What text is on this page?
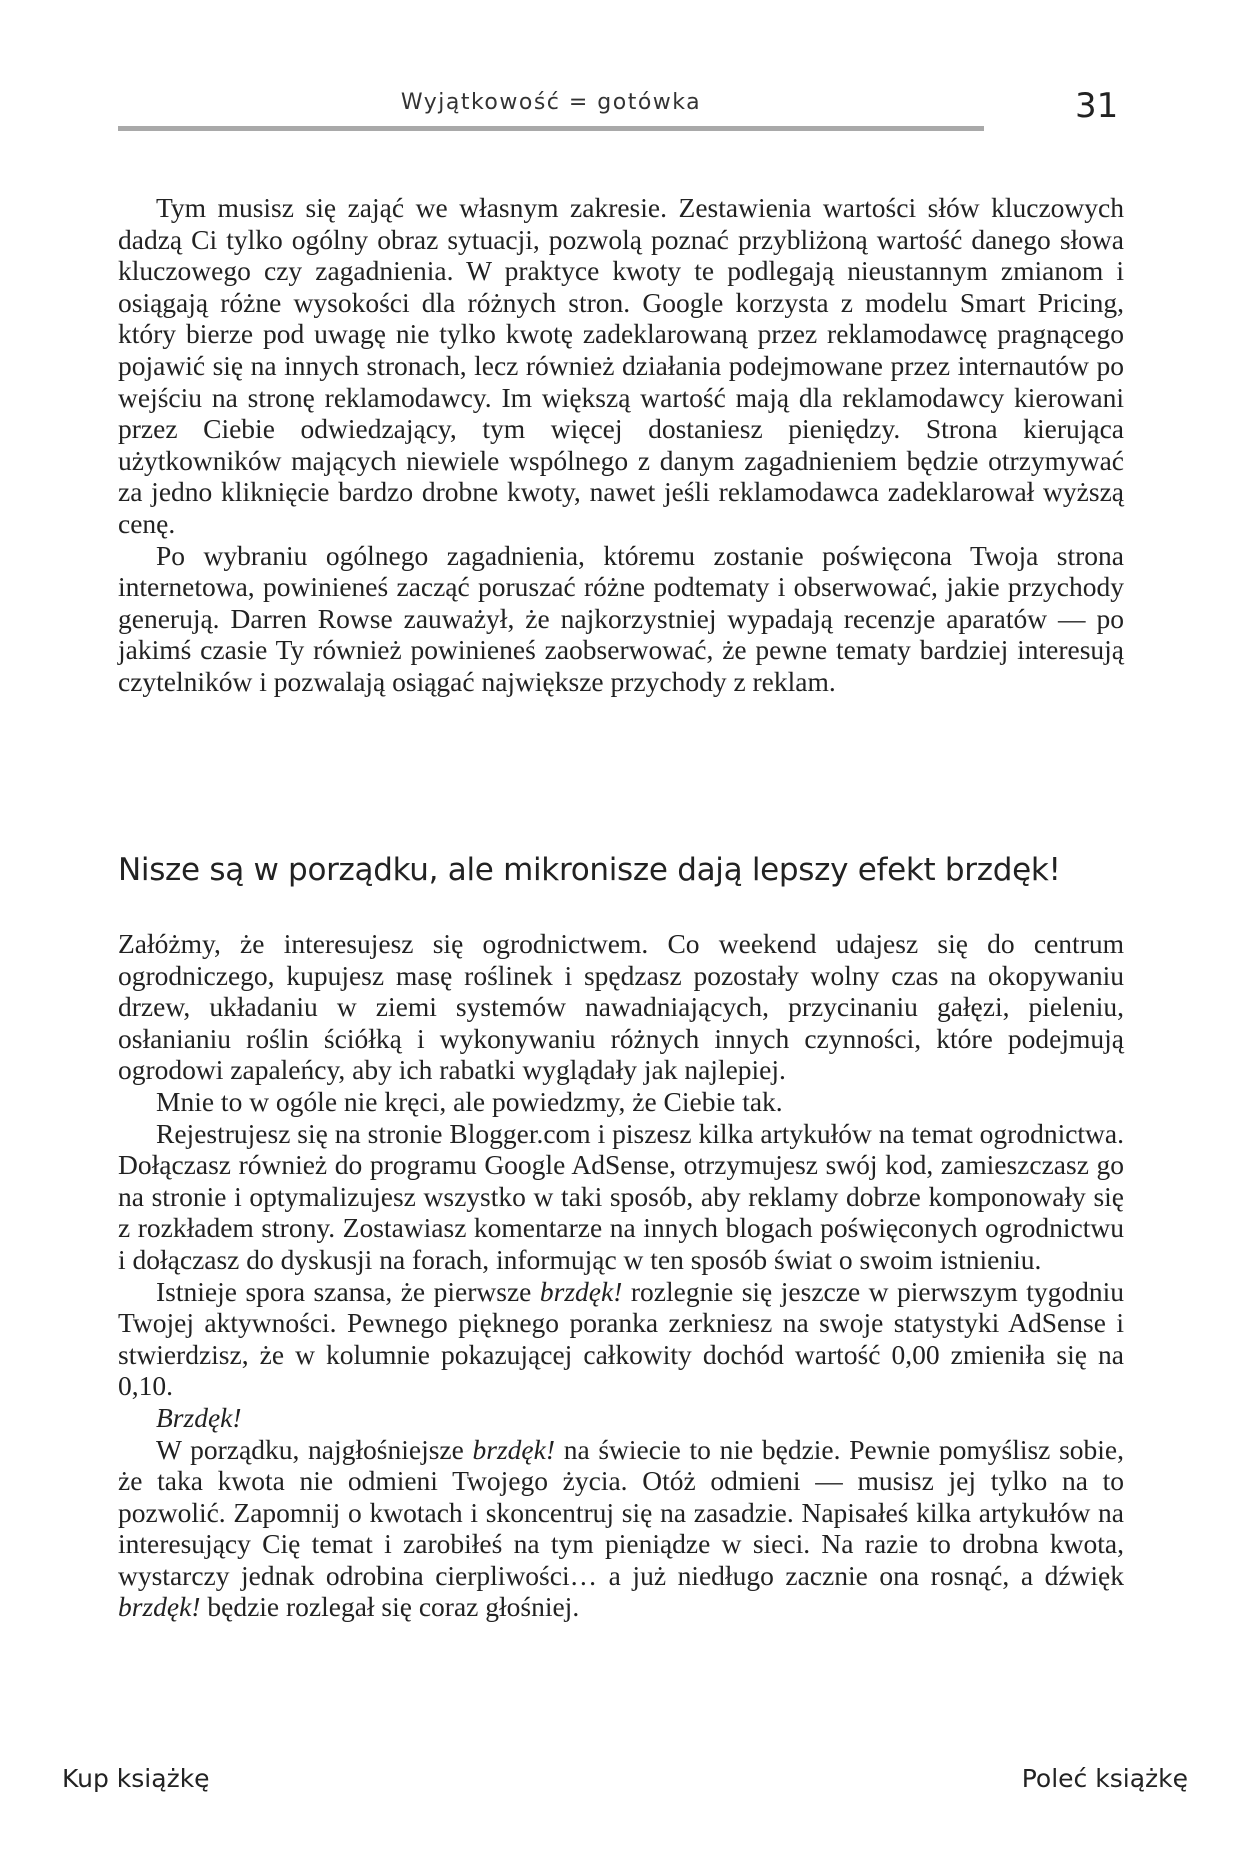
Wyjątkowość = gotówka	31

Tym musisz się zająć we własnym zakresie. Zestawienia wartości słów kluczowych dadzą Ci tylko ogólny obraz sytuacji, pozwolą poznać przybliżoną wartość danego słowa kluczowego czy zagadnienia. W praktyce kwoty te podlegają nieustannym zmianom i osiągają różne wysokości dla różnych stron. Google korzysta z modelu Smart Pricing, który bierze pod uwagę nie tylko kwotę zadeklarowaną przez reklamodawcę pragnącego pojawić się na innych stronach, lecz również działania podejmowane przez internautów po wejściu na stronę reklamodawcy. Im większą wartość mają dla reklamodawcy kierowani przez Ciebie odwiedzający, tym więcej dostaniesz pieniędzy. Strona kierująca użytkowników mających niewiele wspólnego z danym zagadnieniem będzie otrzymywać za jedno kliknięcie bardzo drobne kwoty, nawet jeśli reklamodawca zadeklarował wyższą cenę.

Po wybraniu ogólnego zagadnienia, któremu zostanie poświęcona Twoja strona internetowa, powinieneś zacząć poruszać różne podtematy i obserwować, jakie przychody generują. Darren Rowse zauważył, że najkorzystniej wypadają recenzje aparatów — po jakimś czasie Ty również powinieneś zaobserwować, że pewne tematy bardziej interesują czytelników i pozwalają osiągać największe przychody z reklam.

Nisze są w porządku, ale mikronisze dają lepszy efekt brzdęk!

Załóżmy, że interesujesz się ogrodnictwem. Co weekend udajesz się do centrum ogrodniczego, kupujesz masę roślinek i spędzasz pozostały wolny czas na okopywaniu drzew, układaniu w ziemi systemów nawadniających, przycinaniu gałęzi, pieleniu, osłanianiu roślin ściółką i wykonywaniu różnych innych czynności, które podejmują ogrodowi zapaleńcy, aby ich rabatki wyglądały jak najlepiej.

Mnie to w ogóle nie kręci, ale powiedzmy, że Ciebie tak.

Rejestrujesz się na stronie Blogger.com i piszesz kilka artykułów na temat ogrodnictwa. Dołączasz również do programu Google AdSense, otrzymujesz swój kod, zamieszczasz go na stronie i optymalizujesz wszystko w taki sposób, aby reklamy dobrze komponowały się z rozkładem strony. Zostawiasz komentarze na innych blogach poświęconych ogrodnictwu i dołączasz do dyskusji na forach, informując w ten sposób świat o swoim istnieniu.

Istnieje spora szansa, że pierwsze brzdęk! rozlegnie się jeszcze w pierwszym tygodniu Twojej aktywności. Pewnego pięknego poranka zerkniesz na swoje statystyki AdSense i stwierdzisz, że w kolumnie pokazującej całkowity dochód wartość 0,00 zmieniła się na 0,10.

Brzdęk!

W porządku, najgłośniejsze brzdęk! na świecie to nie będzie. Pewnie pomyślisz sobie, że taka kwota nie odmieni Twojego życia. Otóż odmieni — musisz jej tylko na to pozwolić. Zapomnij o kwotach i skoncentruj się na zasadzie. Napisałeś kilka artykułów na interesujący Cię temat i zarobiłeś na tym pieniądze w sieci. Na razie to drobna kwota, wystarczy jednak odrobina cierpliwości… a już niedługo zacznie ona rosnąć, a dźwięk brzdęk! będzie rozlegał się coraz głośniej.

Kup książkę	Poleć książkę
